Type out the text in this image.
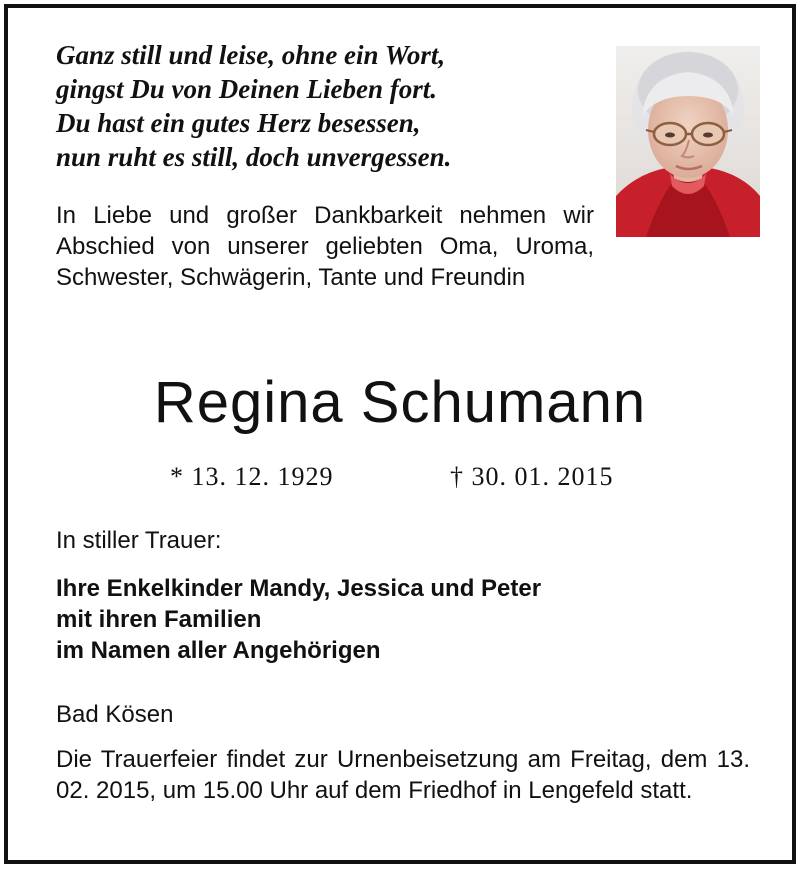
Ganz still und leise, ohne ein Wort,
gingst Du von Deinen Lieben fort.
Du hast ein gutes Herz besessen,
nun ruht es still, doch unvergessen.
In Liebe und großer Dankbarkeit nehmen wir Abschied von unserer geliebten Oma, Uroma, Schwester, Schwägerin, Tante und Freundin
Regina Schumann
* 13. 12. 1929	† 30. 01. 2015
In stiller Trauer:
Ihre Enkelkinder Mandy, Jessica und Peter
mit ihren Familien
im Namen aller Angehörigen
Bad Kösen
Die Trauerfeier findet zur Urnenbeisetzung am Freitag, dem 13. 02. 2015, um 15.00 Uhr auf dem Friedhof in Lengefeld statt.
